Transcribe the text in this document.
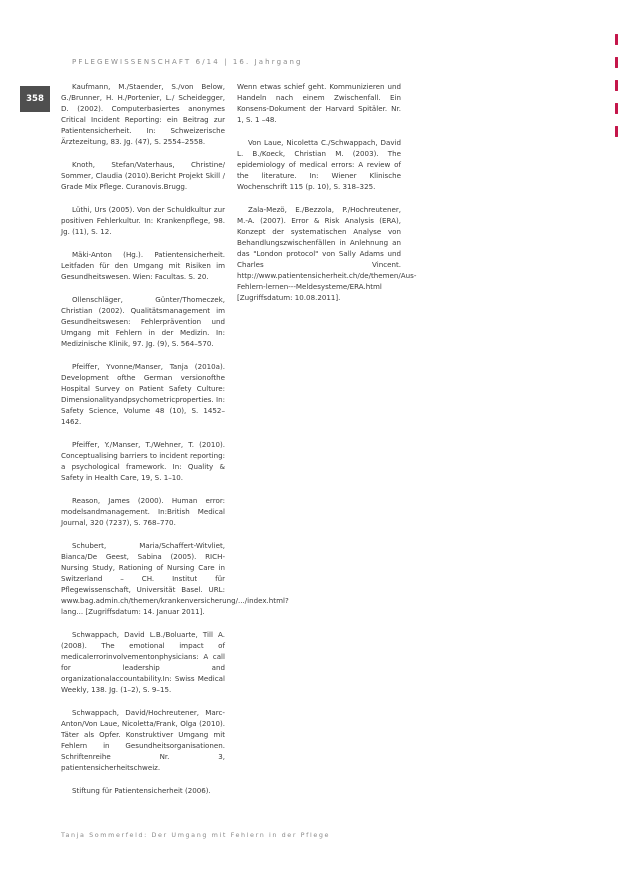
PFLEGEWISSENSCHAFT 6/14 | 16. Jahrgang
358

Kaufmann, M./Staender, S./von Below, G./Brunner, H. H./Portenier, L./ Scheidegger, D. (2002). Computerbasiertes anonymes Critical Incident Reporting: ein Beitrag zur Patientensicherheit. In: Schweizerische Ärztezeitung, 83. Jg. (47), S. 2554–2558.

Knoth, Stefan/Vaterhaus, Christine/ Sommer, Claudia (2010).Bericht Projekt Skill / Grade Mix Pflege. Curanovis.Brugg.

Lüthi, Urs (2005). Von der Schuldkultur zur positiven Fehlerkultur. In: Krankenpflege, 98. Jg. (11), S. 12.

Mäki-Anton (Hg.). Patientensicherheit. Leitfaden für den Umgang mit Risiken im Gesundheitswesen. Wien: Facultas. S. 20.

Ollenschläger, Günter/Thomeczek, Christian (2002). Qualitätsmanagement im Gesundheitswesen: Fehlerprävention und Umgang mit Fehlern in der Medizin. In: Medizinische Klinik, 97. Jg. (9), S. 564–570.

Pfeiffer, Yvonne/Manser, Tanja (2010a). Development ofthe German versionofthe Hospital Survey on Patient Safety Culture: Dimensionalityandpsychometricproperties. In: Safety Science, Volume 48 (10), S. 1452–1462.

Pfeiffer, Y./Manser, T./Wehner, T. (2010). Conceptualising barriers to incident reporting: a psychological framework. In: Quality & Safety in Health Care, 19, S. 1–10.

Reason, James (2000). Human error: modelsandmanagement. In:British Medical Journal, 320 (7237), S. 768–770.

Schubert, Maria/Schaffert-Witvliet, Bianca/De Geest, Sabina (2005). RICH-Nursing Study, Rationing of Nursing Care in Switzerland – CH. Institut für Pflegewissenschaft, Universität Basel. URL: www.bag.admin.ch/themen/krankenversicherung/.../index.html?lang... [Zugriffsdatum: 14. Januar 2011].

Schwappach, David L.B./Boluarte, Till A. (2008). The emotional impact of medicalerrorinvolvementonphysicians: A call for leadership and organizationalaccountability.In: Swiss Medical Weekly, 138. Jg. (1–2), S. 9–15.

Schwappach, David/Hochreutener, Marc-Anton/Von Laue, Nicoletta/Frank, Olga (2010). Täter als Opfer. Konstruktiver Umgang mit Fehlern in Gesundheitsorganisationen. Schriftenreihe Nr. 3, patientensicherheitschweiz.

Stiftung für Patientensicherheit (2006).

Wenn etwas schief geht. Kommunizieren und Handeln nach einem Zwischenfall. Ein Konsens-Dokument der Harvard Spitäler. Nr. 1, S. 1 –48.

Von Laue, Nicoletta C./Schwappach, David L. B./Koeck, Christian M. (2003). The epidemiology of medical errors: A review of the literature. In: Wiener Klinische Wochenschrift 115 (p. 10), S. 318–325.

Zala-Mezö, E./Bezzola, P./Hochreutener, M.-A. (2007). Error & Risk Analysis (ERA), Konzept der systematischen Analyse von Behandlungszwischenfällen in Anlehnung an das "London protocol" von Sally Adams und Charles Vincent. http://www.patientensicherheit.ch/de/themen/Aus-Fehlern-lernen---Meldesysteme/ERA.html [Zugriffsdatum: 10.08.2011].

Tanja Sommerfeld: Der Umgang mit Fehlern in der Pflege
